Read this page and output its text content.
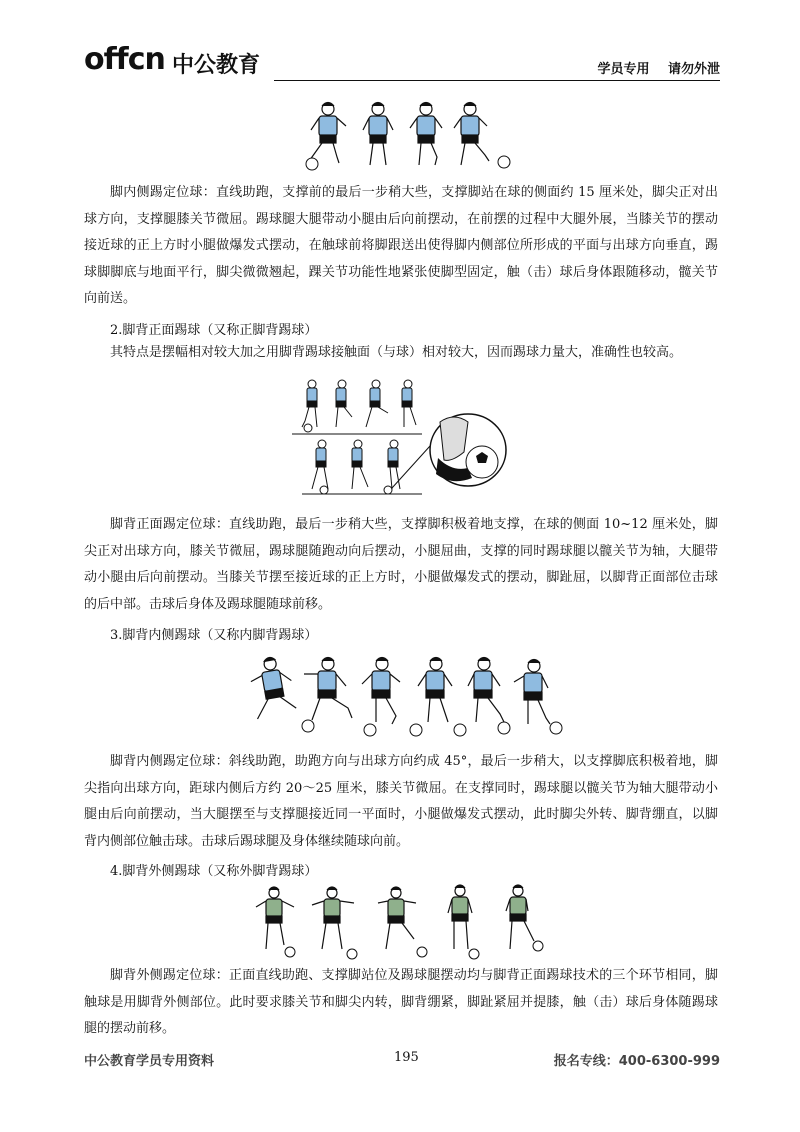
offcn 中公教育	学员专用 请勿外泄

脚内侧踢定位球：直线助跑，支撑前的最后一步稍大些，支撑脚站在球的侧面约 15 厘米处，脚尖正对出球方向，支撑腿膝关节微屈。踢球腿大腿带动小腿由后向前摆动，在前摆的过程中大腿外展，当膝关节的摆动接近球的正上方时小腿做爆发式摆动，在触球前将脚跟送出使得脚内侧部位所形成的平面与出球方向垂直，踢球脚脚底与地面平行，脚尖微微翘起，踝关节功能性地紧张使脚型固定，触（击）球后身体跟随移动，髋关节向前送。

2.脚背正面踢球（又称正脚背踢球）

其特点是摆幅相对较大加之用脚背踢球接触面（与球）相对较大，因而踢球力量大，准确性也较高。

脚背正面踢定位球：直线助跑，最后一步稍大些，支撑脚积极着地支撑，在球的侧面 10~12 厘米处，脚尖正对出球方向，膝关节微屈，踢球腿随跑动向后摆动，小腿屈曲，支撑的同时踢球腿以髋关节为轴，大腿带动小腿由后向前摆动。当膝关节摆至接近球的正上方时，小腿做爆发式的摆动，脚趾屈，以脚背正面部位击球的后中部。击球后身体及踢球腿随球前移。

3.脚背内侧踢球（又称内脚背踢球）

脚背内侧踢定位球：斜线助跑，助跑方向与出球方向约成 45°，最后一步稍大，以支撑脚底积极着地，脚尖指向出球方向，距球内侧后方约 20～25 厘米，膝关节微屈。在支撑同时，踢球腿以髋关节为轴大腿带动小腿由后向前摆动，当大腿摆至与支撑腿接近同一平面时，小腿做爆发式摆动，此时脚尖外转、脚背绷直，以脚背内侧部位触击球。击球后踢球腿及身体继续随球向前。

4.脚背外侧踢球（又称外脚背踢球）

脚背外侧踢定位球：正面直线助跑、支撑脚站位及踢球腿摆动均与脚背正面踢球技术的三个环节相同，脚触球是用脚背外侧部位。此时要求膝关节和脚尖内转，脚背绷紧，脚趾紧屈并提膝，触（击）球后身体随踢球腿的摆动前移。

中公教育学员专用资料	195	报名专线：400-6300-999
